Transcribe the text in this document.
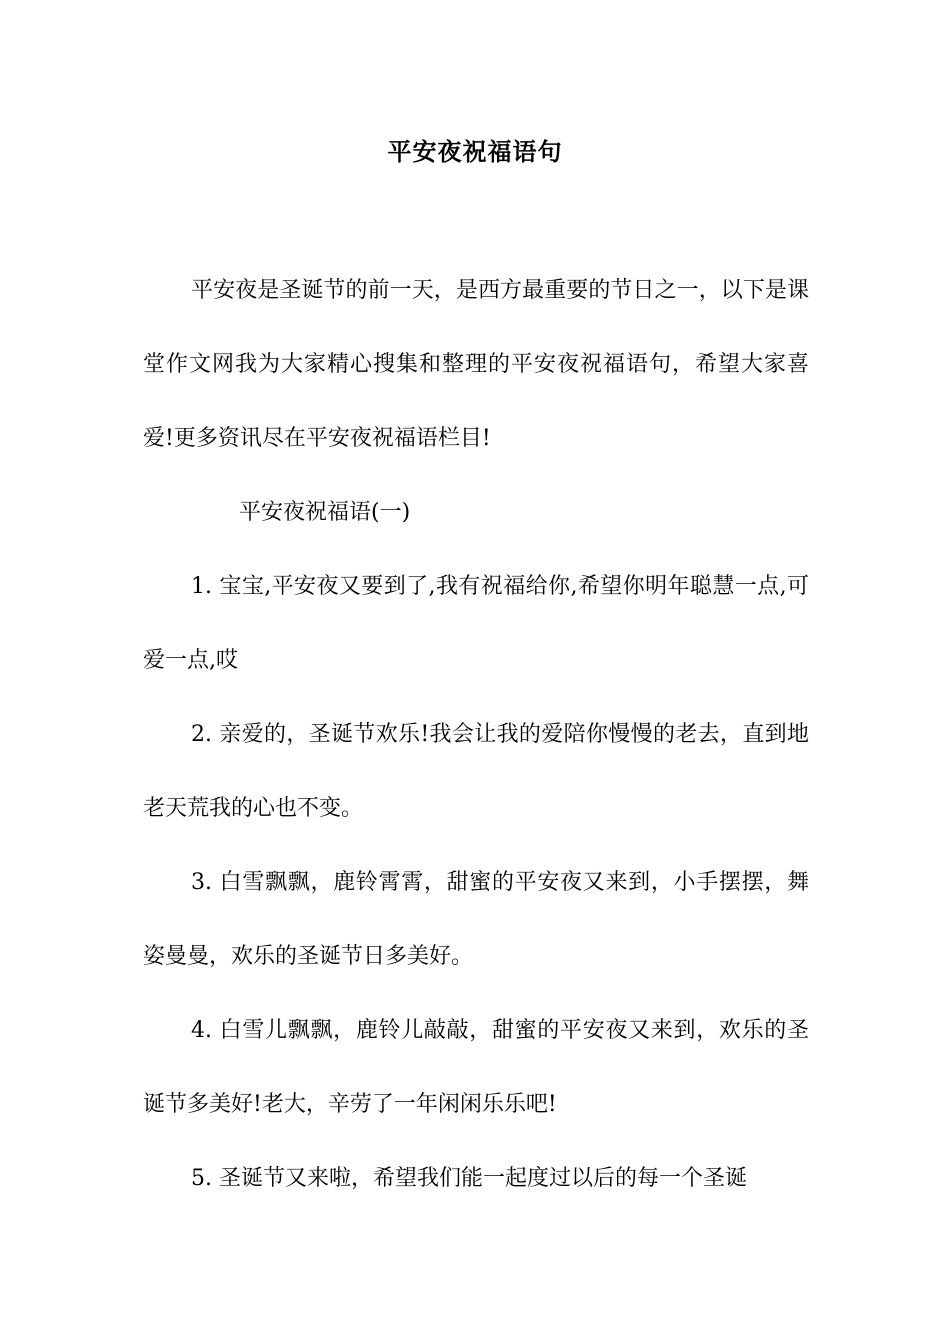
平安夜祝福语句

平安夜是圣诞节的前一天，是西方最重要的节日之一，以下是课堂作文网我为大家精心搜集和整理的平安夜祝福语句，希望大家喜爱!更多资讯尽在平安夜祝福语栏目!

平安夜祝福语(一)

1. 宝宝,平安夜又要到了,我有祝福给你,希望你明年聪慧一点,可爱一点,哎

2. 亲爱的，圣诞节欢乐!我会让我的爱陪你慢慢的老去，直到地老天荒我的心也不变。

3. 白雪飘飘，鹿铃霄霄，甜蜜的平安夜又来到，小手摆摆，舞姿曼曼，欢乐的圣诞节日多美好。

4. 白雪儿飘飘，鹿铃儿敲敲，甜蜜的平安夜又来到，欢乐的圣诞节多美好!老大，辛劳了一年闲闲乐乐吧!

5. 圣诞节又来啦，希望我们能一起度过以后的每一个圣诞
